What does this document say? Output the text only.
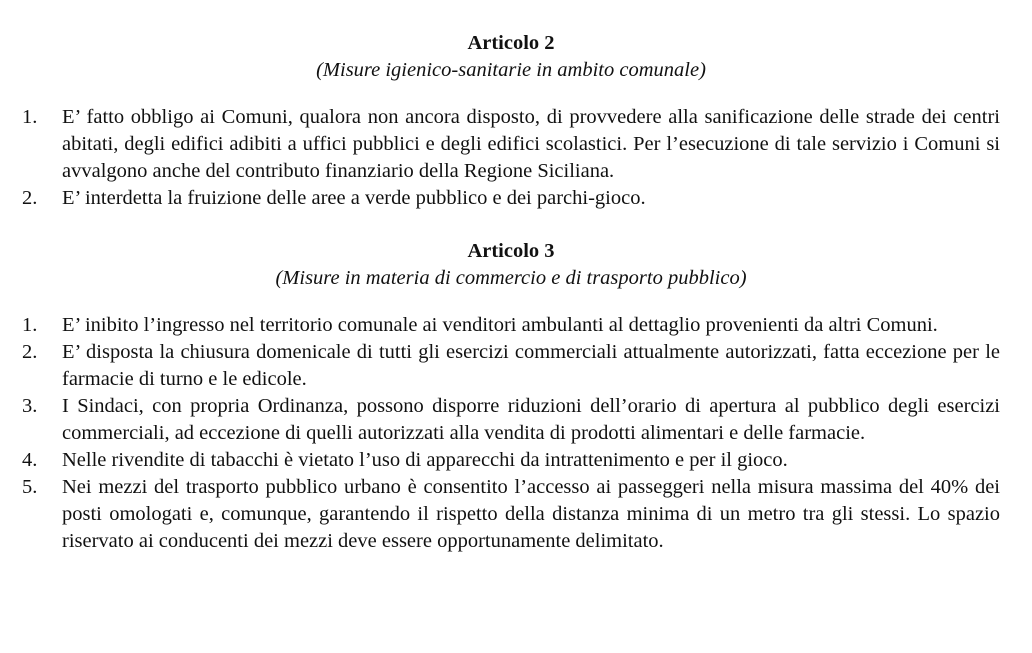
Articolo 2
(Misure igienico-sanitarie in ambito comunale)
1.	E’ fatto obbligo ai Comuni, qualora non ancora disposto, di provvedere alla sanificazione delle strade dei centri abitati, degli edifici adibiti a uffici pubblici e degli edifici scolastici. Per l’esecuzione di tale servizio i Comuni si avvalgono anche del contributo finanziario della Regione Siciliana.
2.	E’ interdetta la fruizione delle aree a verde pubblico e dei parchi-gioco.
Articolo 3
(Misure in materia di commercio e di trasporto pubblico)
1.	E’ inibito l’ingresso nel territorio comunale ai venditori ambulanti al dettaglio provenienti da altri Comuni.
2.	E’ disposta la chiusura domenicale di tutti gli esercizi commerciali attualmente autorizzati, fatta eccezione per le farmacie di turno e le edicole.
3.	I Sindaci, con propria Ordinanza, possono disporre riduzioni dell’orario di apertura al pubblico degli esercizi commerciali, ad eccezione di quelli autorizzati alla vendita di prodotti alimentari e delle farmacie.
4.	Nelle rivendite di tabacchi è vietato l’uso di apparecchi da intrattenimento e per il gioco.
5.	Nei mezzi del trasporto pubblico urbano è consentito l’accesso ai passeggeri nella misura massima del 40% dei posti omologati e, comunque, garantendo il rispetto della distanza minima di un metro tra gli stessi. Lo spazio riservato ai conducenti dei mezzi deve essere opportunamente delimitato.
